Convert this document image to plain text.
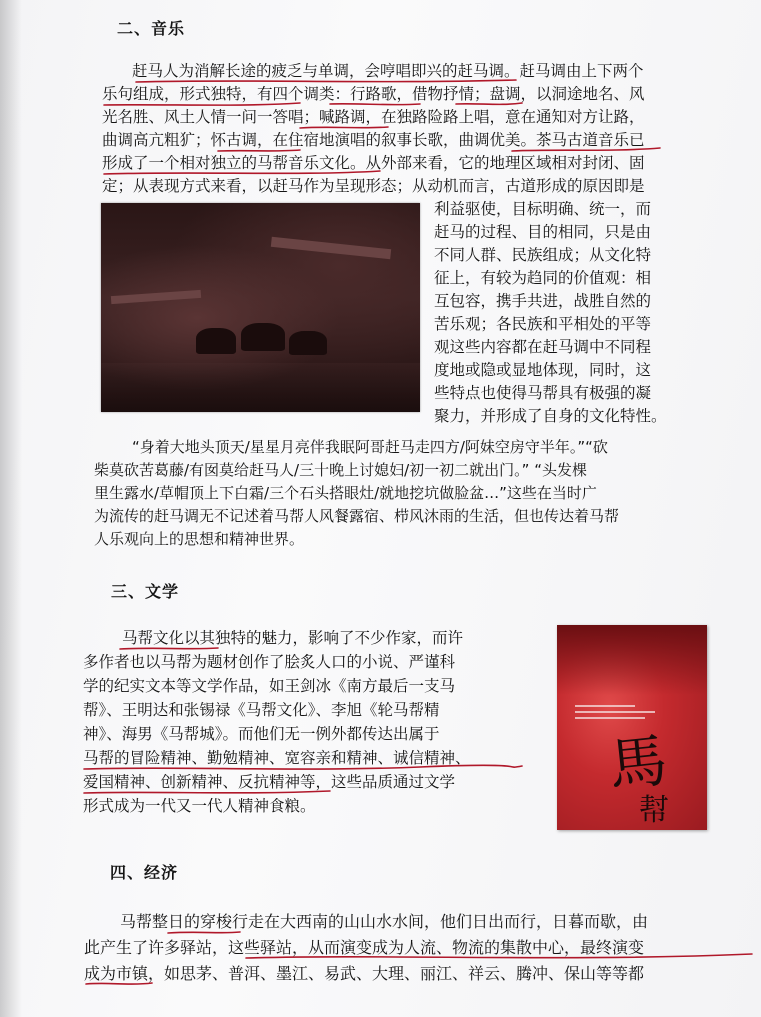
二、音乐
赶马人为消解长途的疲乏与单调，会哼唱即兴的赶马调。赶马调由上下两个
乐句组成，形式独特，有四个调类：行路歌，借物抒情；盘调，以洞途地名、风
光名胜、风土人情一问一答唱；喊路调，在独路险路上唱，意在通知对方让路，
曲调高亢粗犷；怀古调，在住宿地演唱的叙事长歌，曲调优美。茶马古道音乐已
形成了一个相对独立的马帮音乐文化。从外部来看，它的地理区域相对封闭、固
定；从表现方式来看，以赶马作为呈现形态；从动机而言，古道形成的原因即是
利益驱使，目标明确、统一，而
赶马的过程、目的相同，只是由
不同人群、民族组成；从文化特
征上，有较为趋同的价值观：相
互包容，携手共进，战胜自然的
苦乐观；各民族和平相处的平等
观这些内容都在赶马调中不同程
度地或隐或显地体现，同时，这
些特点也使得马帮具有极强的凝
聚力，并形成了自身的文化特性。
“身着大地头顶天/星星月亮伴我眠阿哥赶马走四方/阿妹空房守半年。”“砍
柴莫砍苦葛藤/有囡莫给赶马人/三十晚上讨媳妇/初一初二就出门。” “头发棵
里生露水/草帽顶上下白霜/三个石头搭眼灶/就地挖坑做脸盆…”这些在当时广
为流传的赶马调无不记述着马帮人风餐露宿、栉风沐雨的生活，但也传达着马帮
人乐观向上的思想和精神世界。
三、文学
马帮文化以其独特的魅力，影响了不少作家，而许
多作者也以马帮为题材创作了脍炙人口的小说、严谨科
学的纪实文本等文学作品，如王剑冰《南方最后一支马
帮》、王明达和张锡禄《马帮文化》、李旭《轮马帮精
神》、海男《马帮城》。而他们无一例外都传达出属于
马帮的冒险精神、勤勉精神、宽容亲和精神、诚信精神、
爱国精神、创新精神、反抗精神等，这些品质通过文学
形式成为一代又一代人精神食粮。
馬
幇
四、经济
马帮整日的穿梭行走在大西南的山山水水间，他们日出而行，日暮而歇，由
此产生了许多驿站，这些驿站，从而演变成为人流、物流的集散中心，最终演变
成为市镇，如思茅、普洱、墨江、易武、大理、丽江、祥云、腾冲、保山等等都
